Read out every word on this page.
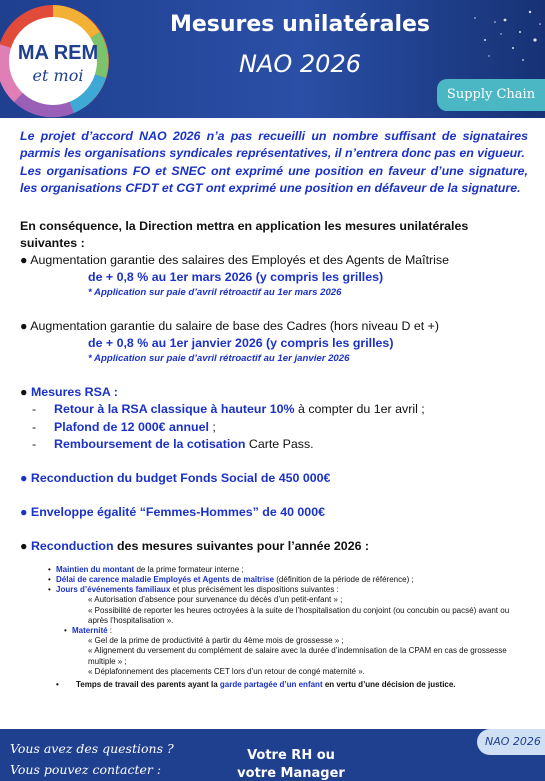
MA REM
et moi
Mesures unilatérales
NAO 2026
Supply Chain
Le projet d’accord NAO 2026 n’a pas recueilli un nombre suffisant de signataires parmis les organisations syndicales représentatives, il n’entrera donc pas en vigueur.
Les organisations FO et SNEC ont exprimé une position en faveur d’une signature, les organisations CFDT et CGT ont exprimé une position en défaveur de la signature.
En conséquence, la Direction mettra en application les mesures unilatérales suivantes :
● Augmentation garantie des salaires des Employés et des Agents de Maîtrise
de + 0,8 % au 1er mars 2026 (y compris les grilles)
* Application sur paie d’avril rétroactif au 1er mars 2026
● Augmentation garantie du salaire de base des Cadres (hors niveau D et +)
de + 0,8 % au 1er janvier 2026 (y compris les grilles)
* Application sur paie d’avril rétroactif au 1er janvier 2026
● Mesures RSA :
- Retour à la RSA classique à hauteur 10% à compter du 1er avril ;
- Plafond de 12 000€ annuel ;
- Remboursement de la cotisation Carte Pass.
● Reconduction du budget Fonds Social de 450 000€
● Enveloppe égalité “Femmes-Hommes” de 40 000€
● Reconduction des mesures suivantes pour l’année 2026 :
• Maintien du montant de la prime formateur interne ;
• Délai de carence maladie Employés et Agents de maîtrise (définition de la période de référence) ;
• Jours d’événements familiaux et plus précisément les dispositions suivantes :
« Autorisation d’absence pour survenance du décès d’un petit-enfant » ;
« Possibilité de reporter les heures octroyées à la suite de l’hospitalisation du conjoint (ou concubin ou pacsé) avant ou après l’hospitalisation ».
• Maternité :
« Gel de la prime de productivité à partir du 4ème mois de grossesse » ;
« Alignement du versement du complément de salaire avec la durée d’indemnisation de la CPAM en cas de grossesse multiple » ;
« Déplafonnement des placements CET lors d’un retour de congé maternité ».
• Temps de travail des parents ayant la garde partagée d’un enfant en vertu d’une décision de justice.
Vous avez des questions ?
Vous pouvez contacter :
Votre RH ou votre Manager
NAO 2026
